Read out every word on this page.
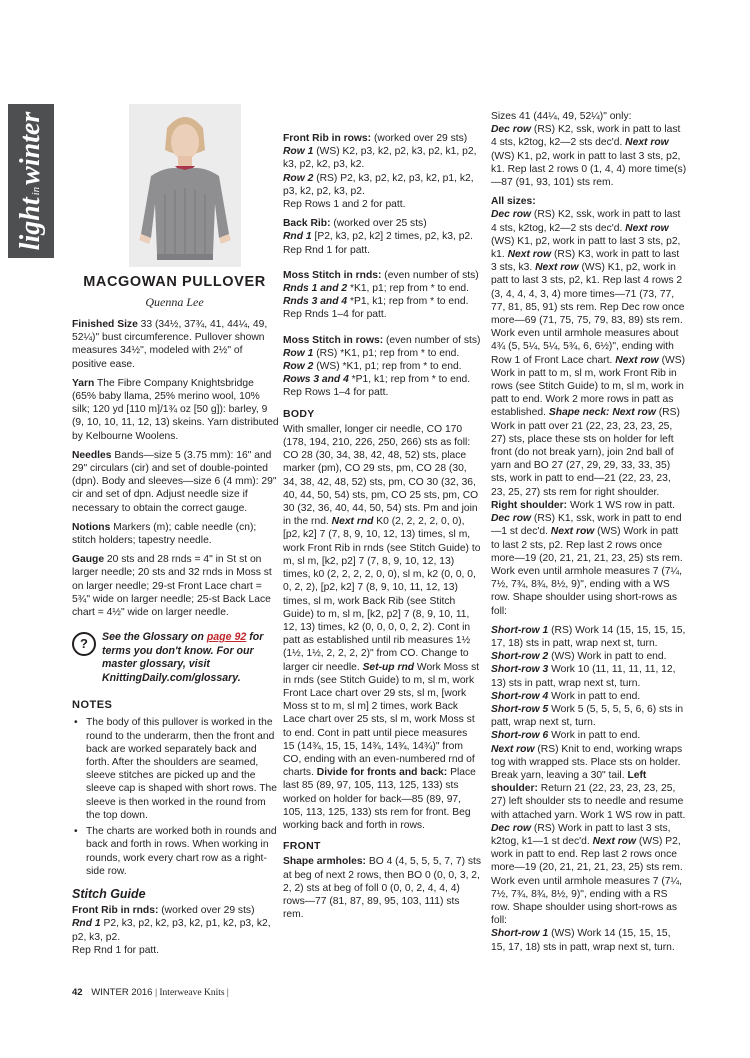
lightinwinter
MACGOWAN PULLOVER
Quenna Lee

Finished Size 33 (34½, 37¾, 41, 44¼, 49, 52¼)" bust circumference. Pullover shown measures 34½", modeled with 2½" of positive ease.

Yarn The Fibre Company Knightsbridge (65% baby llama, 25% merino wool, 10% silk; 120 yd [110 m]/1¾ oz [50 g]): barley, 9 (9, 10, 10, 11, 12, 13) skeins. Yarn distributed by Kelbourne Woolens.

Needles Bands—size 5 (3.75 mm): 16" and 29" circulars (cir) and set of double-pointed (dpn). Body and sleeves—size 6 (4 mm): 29" cir and set of dpn. Adjust needle size if necessary to obtain the correct gauge.

Notions Markers (m); cable needle (cn); stitch holders; tapestry needle.

Gauge 20 sts and 28 rnds = 4" in St st on larger needle; 20 sts and 32 rnds in Moss st on larger needle; 29-st Front Lace chart = 5¾" wide on larger needle; 25-st Back Lace chart = 4½" wide on larger needle.

?	See the Glossary on page 92 for terms you don't know. For our master glossary, visit KnittingDaily.com/glossary.
NOTES
• The body of this pullover is worked in the round to the underarm, then the front and back are worked separately back and forth. After the shoulders are seamed, sleeve stitches are picked up and the sleeve cap is shaped with short rows. The sleeve is then worked in the round from the top down.
• The charts are worked both in rounds and back and forth in rows. When working in rounds, work every chart row as a right-side row.
Stitch Guide
Front Rib in rnds: (worked over 29 sts)
Rnd 1 P2, k3, p2, k2, p3, k2, p1, k2, p3, k2, p2, k3, p2.
Rep Rnd 1 for patt.
Front Rib in rows: (worked over 29 sts)
Row 1 (WS) K2, p3, k2, p2, k3, p2, k1, p2, k3, p2, k2, p3, k2.
Row 2 (RS) P2, k3, p2, k2, p3, k2, p1, k2, p3, k2, p2, k3, p2.

Rep Rows 1 and 2 for patt.

Back Rib: (worked over 25 sts)
Rnd 1 [P2, k3, p2, k2] 2 times, p2, k3, p2.

Rep Rnd 1 for patt.

Moss Stitch in rnds: (even number of sts)
Rnds 1 and 2 *K1, p1; rep from * to end.
Rnds 3 and 4 *P1, k1; rep from * to end.

Rep Rnds 1–4 for patt.

Moss Stitch in rows: (even number of sts)
Row 1 (RS) *K1, p1; rep from * to end.
Row 2 (WS) *K1, p1; rep from * to end.
Rows 3 and 4 *P1, k1; rep from * to end.

Rep Rows 1–4 for patt.

BODY

With smaller, longer cir needle, CO 170 (178, 194, 210, 226, 250, 266) sts as foll: CO 28 (30, 34, 38, 42, 48, 52) sts, place marker (pm), CO 29 sts, pm, CO 28 (30, 34, 38, 42, 48, 52) sts, pm, CO 30 (32, 36, 40, 44, 50, 54) sts, pm, CO 25 sts, pm, CO 30 (32, 36, 40, 44, 50, 54) sts. Pm and join in the rnd. Next rnd K0 (2, 2, 2, 2, 0, 0), [p2, k2] 7 (7, 8, 9, 10, 12, 13) times, sl m, work Front Rib in rnds (see Stitch Guide) to m, sl m, [k2, p2] 7 (7, 8, 9, 10, 12, 13) times, k0 (2, 2, 2, 2, 0, 0), sl m, k2 (0, 0, 0, 0, 2, 2), [p2, k2] 7 (8, 9, 10, 11, 12, 13) times, sl m, work Back Rib (see Stitch Guide) to m, sl m, [k2, p2] 7 (8, 9, 10, 11, 12, 13) times, k2 (0, 0, 0, 0, 2, 2). Cont in patt as established until rib measures 1½ (1½, 1½, 2, 2, 2, 2)" from CO. Change to larger cir needle. Set-up rnd Work Moss st in rnds (see Stitch Guide) to m, sl m, work Front Lace chart over 29 sts, sl m, [work Moss st to m, sl m] 2 times, work Back Lace chart over 25 sts, sl m, work Moss st to end. Cont in patt until piece measures 15 (14¾, 15, 15, 14¾, 14¾, 14¾)" from CO, ending with an even-numbered rnd of charts. Divide for fronts and back: Place last 85 (89, 97, 105, 113, 125, 133) sts worked on holder for back—85 (89, 97, 105, 113, 125, 133) sts rem for front. Beg working back and forth in rows.

FRONT

Shape armholes: BO 4 (4, 5, 5, 5, 7, 7) sts at beg of next 2 rows, then BO 0 (0, 0, 3, 2, 2, 2) sts at beg of foll 0 (0, 0, 2, 4, 4, 4) rows—77 (81, 87, 89, 95, 103, 111) sts rem.

Sizes 41 (44¼, 49, 52¼)" only:

Dec row (RS) K2, ssk, work in patt to last 4 sts, k2tog, k2—2 sts dec'd. Next row (WS) K1, p2, work in patt to last 3 sts, p2, k1. Rep last 2 rows 0 (1, 4, 4) more time(s)—87 (91, 93, 101) sts rem.

All sizes:

Dec row (RS) K2, ssk, work in patt to last 4 sts, k2tog, k2—2 sts dec'd. Next row (WS) K1, p2, work in patt to last 3 sts, p2, k1. Next row (RS) K3, work in patt to last 3 sts, k3. Next row (WS) K1, p2, work in patt to last 3 sts, p2, k1. Rep last 4 rows 2 (3, 4, 4, 4, 3, 4) more times—71 (73, 77, 77, 81, 85, 91) sts rem. Rep Dec row once more—69 (71, 75, 75, 79, 83, 89) sts rem. Work even until armhole measures about 4¾ (5, 5¼, 5¼, 5¾, 6, 6½)", ending with Row 1 of Front Lace chart. Next row (WS) Work in patt to m, sl m, work Front Rib in rows (see Stitch Guide) to m, sl m, work in patt to end. Work 2 more rows in patt as established. Shape neck: Next row (RS) Work in patt over 21 (22, 23, 23, 23, 25, 27) sts, place these sts on holder for left front (do not break yarn), join 2nd ball of yarn and BO 27 (27, 29, 29, 33, 33, 35) sts, work in patt to end—21 (22, 23, 23, 23, 25, 27) sts rem for right shoulder. Right shoulder: Work 1 WS row in patt. Dec row (RS) K1, ssk, work in patt to end—1 st dec'd. Next row (WS) Work in patt to last 2 sts, p2. Rep last 2 rows once more—19 (20, 21, 21, 21, 23, 25) sts rem. Work even until armhole measures 7 (7¼, 7½, 7¾, 8¾, 8½, 9)", ending with a WS row. Shape shoulder using short-rows as foll:

Short-row 1 (RS) Work 14 (15, 15, 15, 15, 17, 18) sts in patt, wrap next st, turn.
Short-row 2 (WS) Work in patt to end.
Short-row 3 Work 10 (11, 11, 11, 11, 12, 13) sts in patt, wrap next st, turn.
Short-row 4 Work in patt to end.
Short-row 5 Work 5 (5, 5, 5, 5, 6, 6) sts in patt, wrap next st, turn.
Short-row 6 Work in patt to end.
Next row (RS) Knit to end, working wraps tog with wrapped sts. Place sts on holder. Break yarn, leaving a 30" tail. Left shoulder: Return 21 (22, 23, 23, 23, 25, 27) left shoulder sts to needle and resume with attached yarn. Work 1 WS row in patt.
Dec row (RS) Work in patt to last 3 sts, k2tog, k1—1 st dec'd. Next row (WS) P2, work in patt to end. Rep last 2 rows once more—19 (20, 21, 21, 21, 23, 25) sts rem. Work even until armhole measures 7 (7¼, 7½, 7¾, 8¾, 8½, 9)", ending with a RS row. Shape shoulder using short-rows as foll:
Short-row 1 (WS) Work 14 (15, 15, 15, 15, 17, 18) sts in patt, wrap next st, turn.
42 WINTER 2016 | Interweave Knits |
